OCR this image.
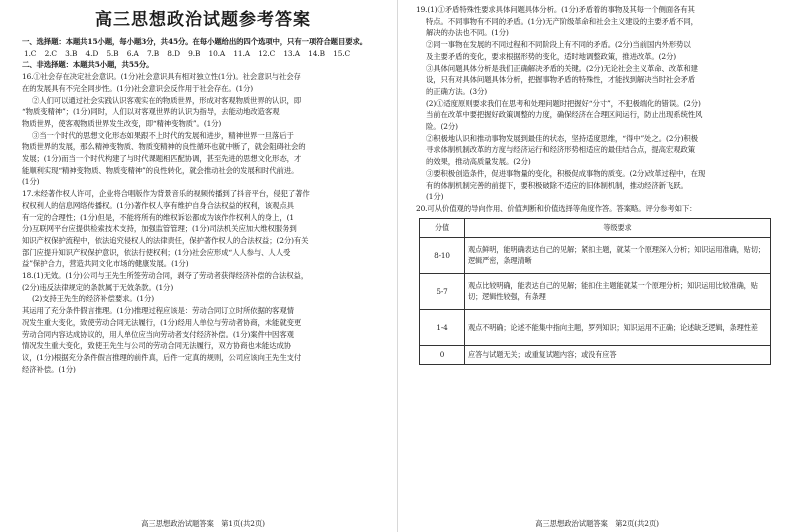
高三思想政治试题参考答案

一、选择题：本题共15小题，每小题3分，共45分。在每小题给出的四个选项中，只有一项符合题目要求。

1.C 2.C 3.B 4.D 5.B 6.A 7.B 8.D 9.B 10.A 11.A 12.C 13.A 14.B 15.C

二、非选择题：本题共5小题，共55分。

16.①社会存在决定社会意识。(1分)社会意识具有相对独立性(1分)。社会意识与社会存

在的发展具有不完全同步性。(1分)社会意识会反作用于社会存在。(1分)

②人们可以通过社会实践认识客观实在的物质世界，形成对客观物质世界的认识，即

“物质变精神”；(1分)同时，人们以对客观世界的认识为指导，去能动地改造客观

物质世界，使客观物质世界发生改变，即“精神变物质”。(1分)

③当一个时代的思想文化形态如果跟不上时代的发展和进步，精神世界一旦落后于

物质世界的发展，那么精神变物质、物质变精神的良性循环也就中断了，就会阻碍社会的

发展；(1分)而当一个时代构建了与时代课题相匹配协调，甚至先进的思想文化形态，才

能顺利实现“精神变物质、物质变精神”的良性转化，就会推动社会的发展和时代前进。

(1分)

17.未经著作权人许可，企业将合唱版作为背景音乐的视频传播到了抖音平台，侵犯了著作

权权利人的信息网络传播权。(1分)著作权人享有维护自身合法权益的权利，该观点具

有一定的合理性；(1分)但是，不能将所有的维权诉讼都成为该作作权利人的身上，(1

分)互联网平台应提供检索技术支持，加强监管管理；(1分)司法机关应加大维权服务到

知识产权保护流程中，依法追究侵权人的法律责任，保护著作权人的合法权益；(2分)有关

部门应提升知识产权保护意识，依法行使权利；(1分)社会应形成“人人参与、人人受

益”保护合力，营造共同文化市场的健康发展。(1分)

18.(1)无效。(1分)公司与王先生所签劳动合同，剥夺了劳动者获得经济补偿的合法权益，

(2分)违反法律规定的条款属于无效条款。(1分)

(2)支持王先生的经济补偿要求。(1分)

其运用了充分条件假言推理。(1分)推理过程应该是：劳动合同订立时所依据的客观情

况发生重大变化，致使劳动合同无法履行，(1分)经用人单位与劳动者协商，未能就变更

劳动合同内容达成协议的，用人单位应当向劳动者支付经济补偿。(1分)案件中因客观

情况发生重大变化，致使王先生与公司的劳动合同无法履行，双方协商也未能达成协

议，(1分)根据充分条件假言推理的前件真，后件一定真的规则，公司应该向王先生支付

经济补偿。(1分)

高三思想政治试题答案　第1页(共2页)

19.(1)①矛盾特殊性要求具体问题具体分析。(1分)矛盾着的事物及其每一个侧面各有其

特点。不同事物有不同的矛盾。(1分)无产阶级革命和社会主义建设的主要矛盾不同，

解决的办法也不同。(1分)

②同一事物在发展的不同过程和不同阶段上有不同的矛盾。(2分)当前国内外形势以

及主要矛盾的变化，要求根据形势的变化，适时地调整政策，推进改革。(2分)

③具体问题具体分析是我们正确解决矛盾的关键。(2分)无论社会主义革命、改革和建

设，只有对具体问题具体分析，把握事物矛盾的特殊性，才能找到解决当时社会矛盾

的正确方法。(3分)

(2)①适度原则要求我们在思考和处理问题时把握好“分寸”，不犯极端化的错误。(2分)

当前在改革中要把握好政策调整的力度，确保经济在合理区间运行，防止出现系统性风

险。(2分)

②积极地认识和推动事物发展到最佳的状态，坚持适度思维，“得中”处之。(2分)积极

寻求体制机制改革的方度与经济运行和经济形势相适应的最佳结合点，提高宏观政策

的效果，推动高质量发展。(2分)

③要积极创造条件，促进事物量的变化，积极促成事物的质变。(2分)改革过程中，在现

有的体制机制完善的前提下，要积极破除不适应的旧体制机制，推动经济新飞跃。

(1分)

20.可从价值观的导向作用、价值判断和价值选择等角度作答。答案略。评分参考如下：

分值	等级要求
8-10	观点鲜明，能明确表达自己的见解；紧扣主题，就某一个原理深入分析；知识运用准确，贴切；逻辑严密，条理清晰
5-7	观点比较明确，能表达自己的见解；能扣住主题能就某一个原理分析；知识运用比较准确，贴切；逻辑性较强，有条理
1-4	观点不明确；论述不能集中指向主题，罗列知识；知识运用不正确；论述缺乏逻辑，条理性差
0	应答与试题无关；或重复试题内容；或没有应答
高三思想政治试题答案　第2页(共2页)
